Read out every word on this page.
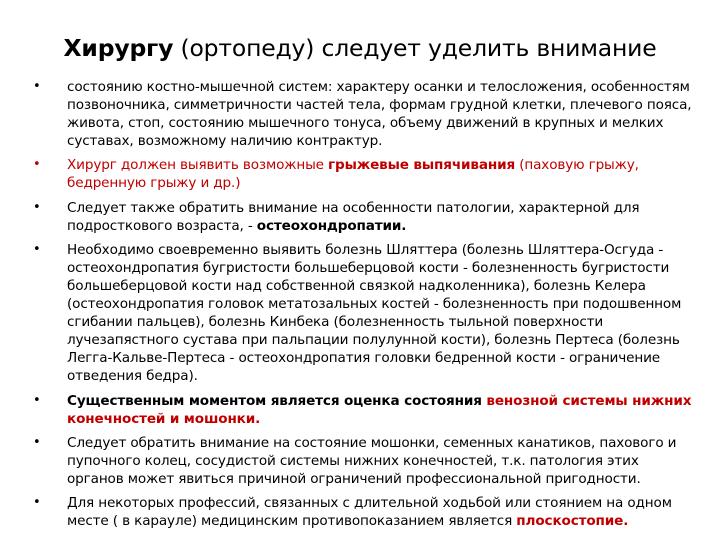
Хирургу (ортопеду) следует уделить внимание
• состоянию костно-мышечной систем: характеру осанки и телосложения, особенностям позвоночника, симметричности частей тела, формам грудной клетки, плечевого пояса, живота, стоп, состоянию мышечного тонуса, объему движений в крупных и мелких суставах, возможному наличию контрактур.
• Хирург должен выявить возможные грыжевые выпячивания (паховую грыжу, бедренную грыжу и др.)
• Следует также обратить внимание на особенности патологии, характерной для подросткового возраста, - остеохондропатии.
• Необходимо своевременно выявить болезнь Шляттера (болезнь Шляттера-Осгуда - остеохондропатия бугристости большеберцовой кости - болезненность бугристости большеберцовой кости над собственной связкой надколенника), болезнь Келера (остеохондропатия головок метатозальных костей - болезненность при подошвенном сгибании пальцев), болезнь Кинбека (болезненность тыльной поверхности лучезапястного сустава при пальпации полулунной кости), болезнь Пертеса (болезнь Легга-Кальве-Пертеса - остеохондропатия головки бедренной кости - ограничение отведения бедра).
• Существенным моментом является оценка состояния венозной системы нижних конечностей и мошонки.
• Следует обратить внимание на состояние мошонки, семенных канатиков, пахового и пупочного колец, сосудистой системы нижних конечностей, т.к. патология этих органов может явиться причиной ограничений профессиональной пригодности.
• Для некоторых профессий, связанных с длительной ходьбой или стоянием на одном месте ( в карауле) медицинским противопоказанием является плоскостопие.
